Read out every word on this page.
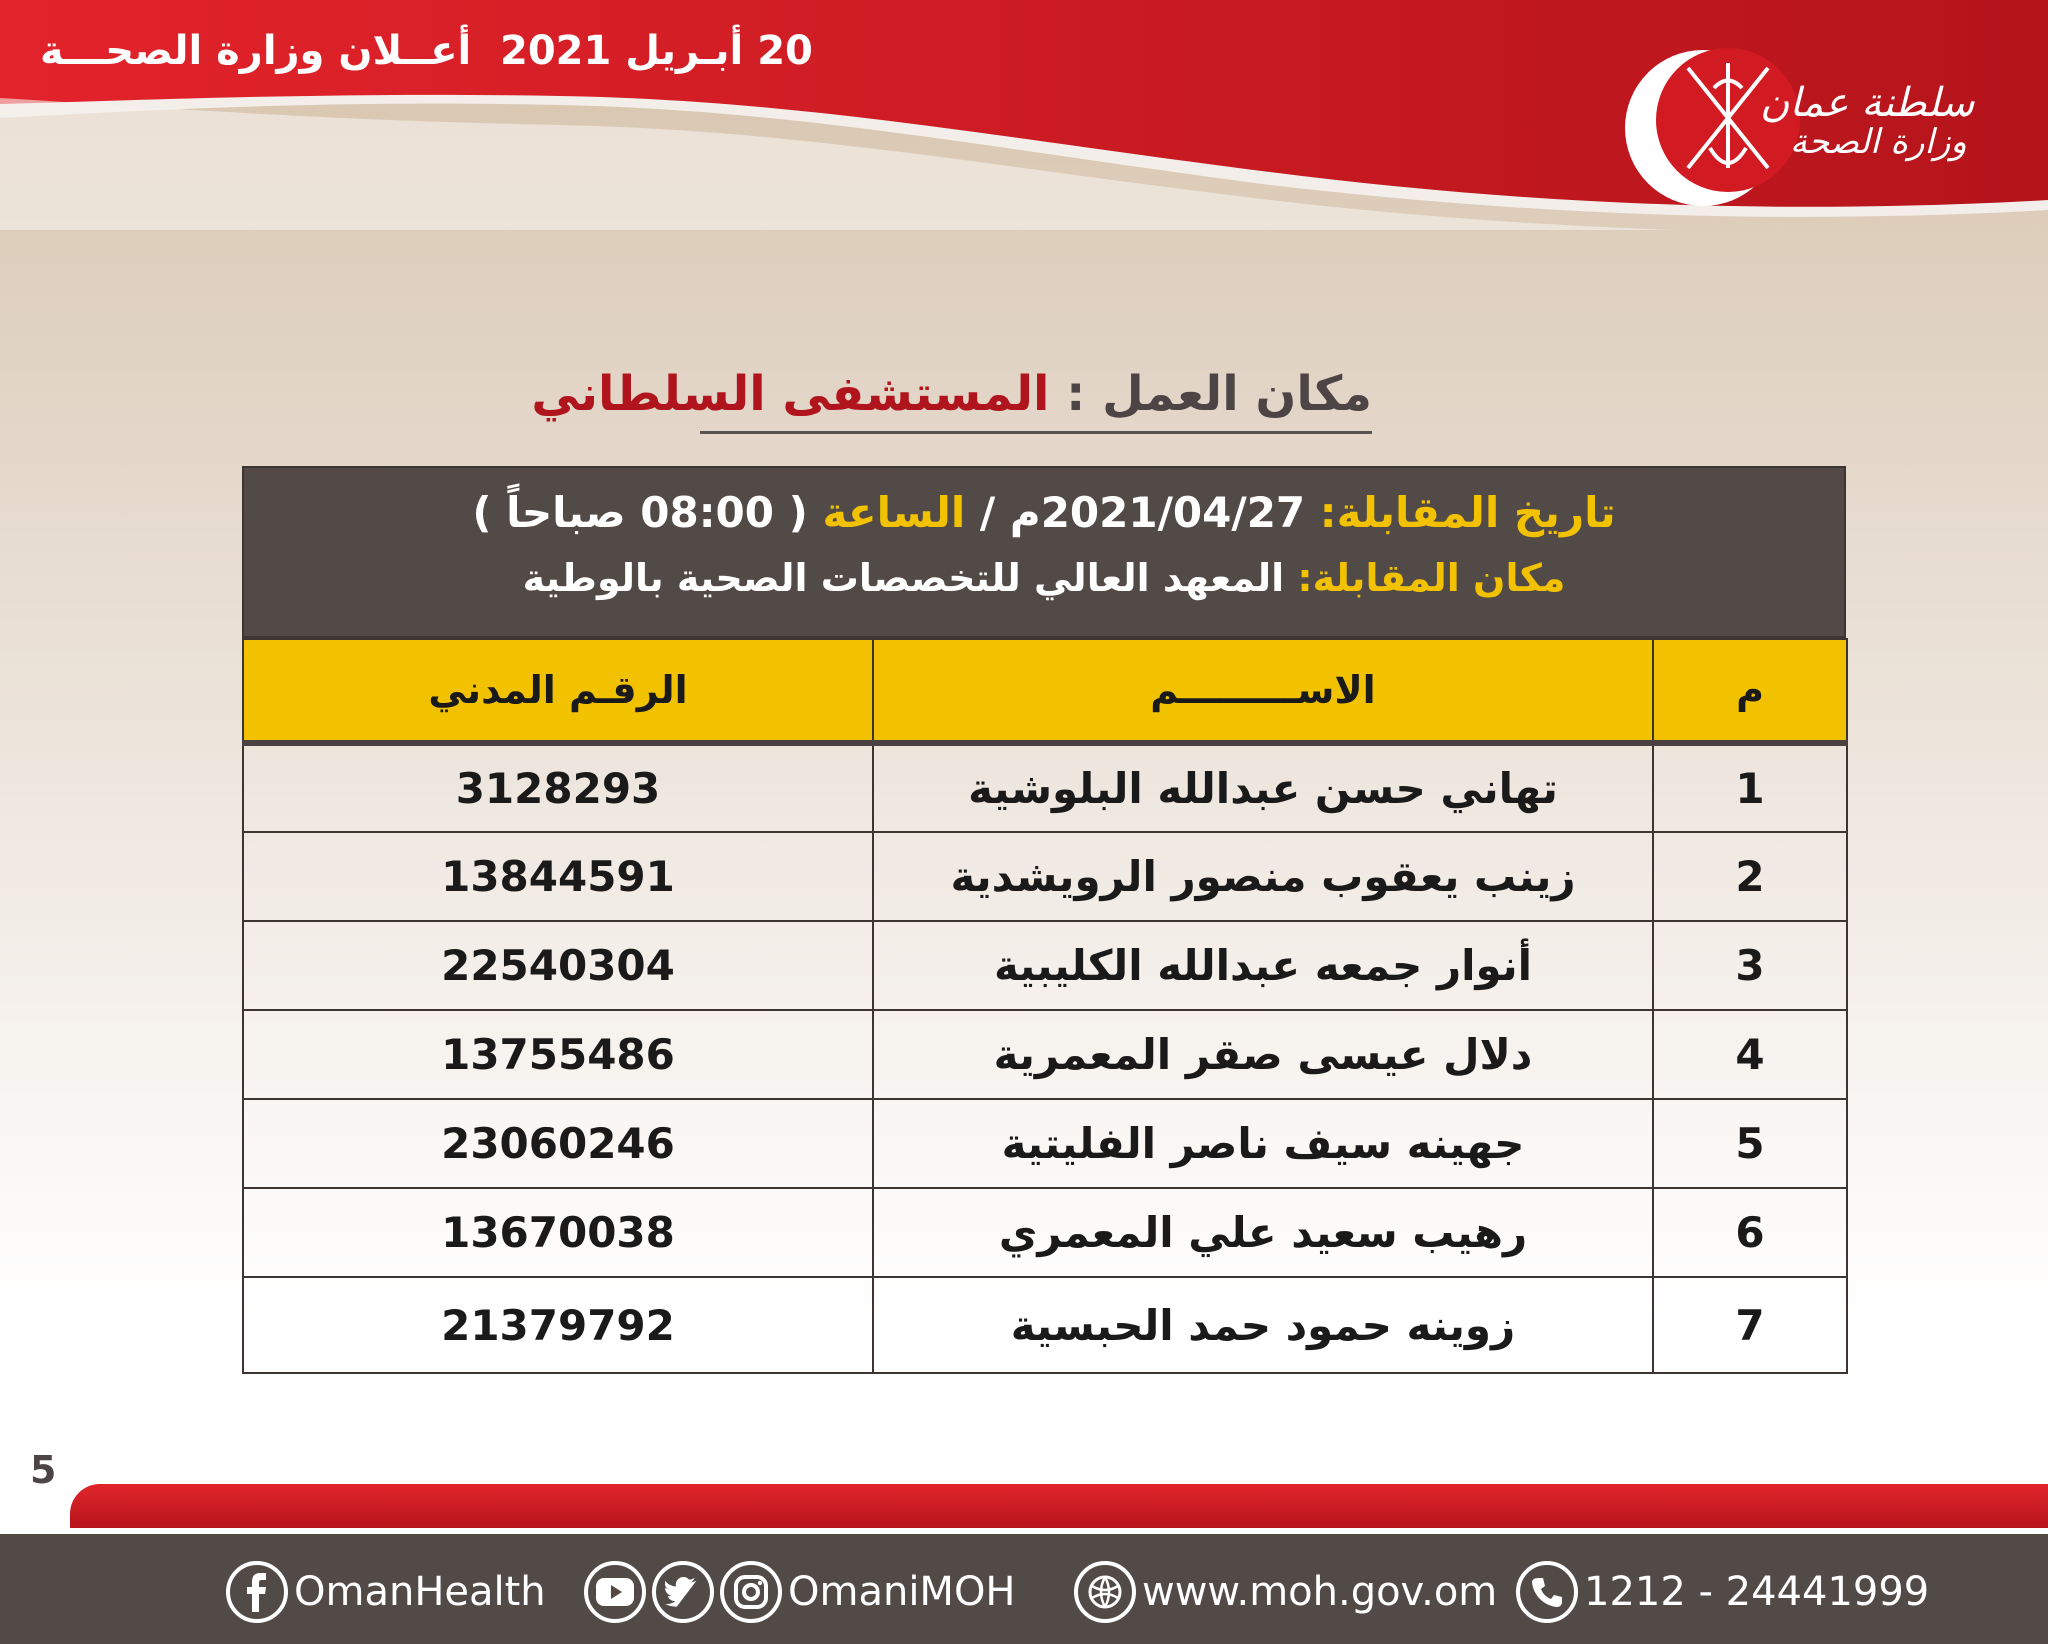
20 أبـريل 2021
أعــلان وزارة الصحـــة
سلطنة عمان
وزارة الصحة
مكان العمل : المستشفى السلطاني
تاريخ المقابلة: 2021/04/27م / الساعة ( 08:00 صباحاً )
مكان المقابلة: المعهد العالي للتخصصات الصحية بالوطية
م	الاســـــــــم	الرقـم المدني
1	تهاني حسن عبدالله البلوشية	3128293
2	زينب يعقوب منصور الرويشدية	13844591
3	أنوار جمعه عبدالله الكليبية	22540304
4	دلال عيسى صقر المعمرية	13755486
5	جهينه سيف ناصر الفليتية	23060246
6	رهيب سعيد علي المعمري	13670038
7	زوينه حمود حمد الحبسية	21379792
5
OmanHealth	OmaniMOH	www.moh.gov.om 1212 - 24441999
